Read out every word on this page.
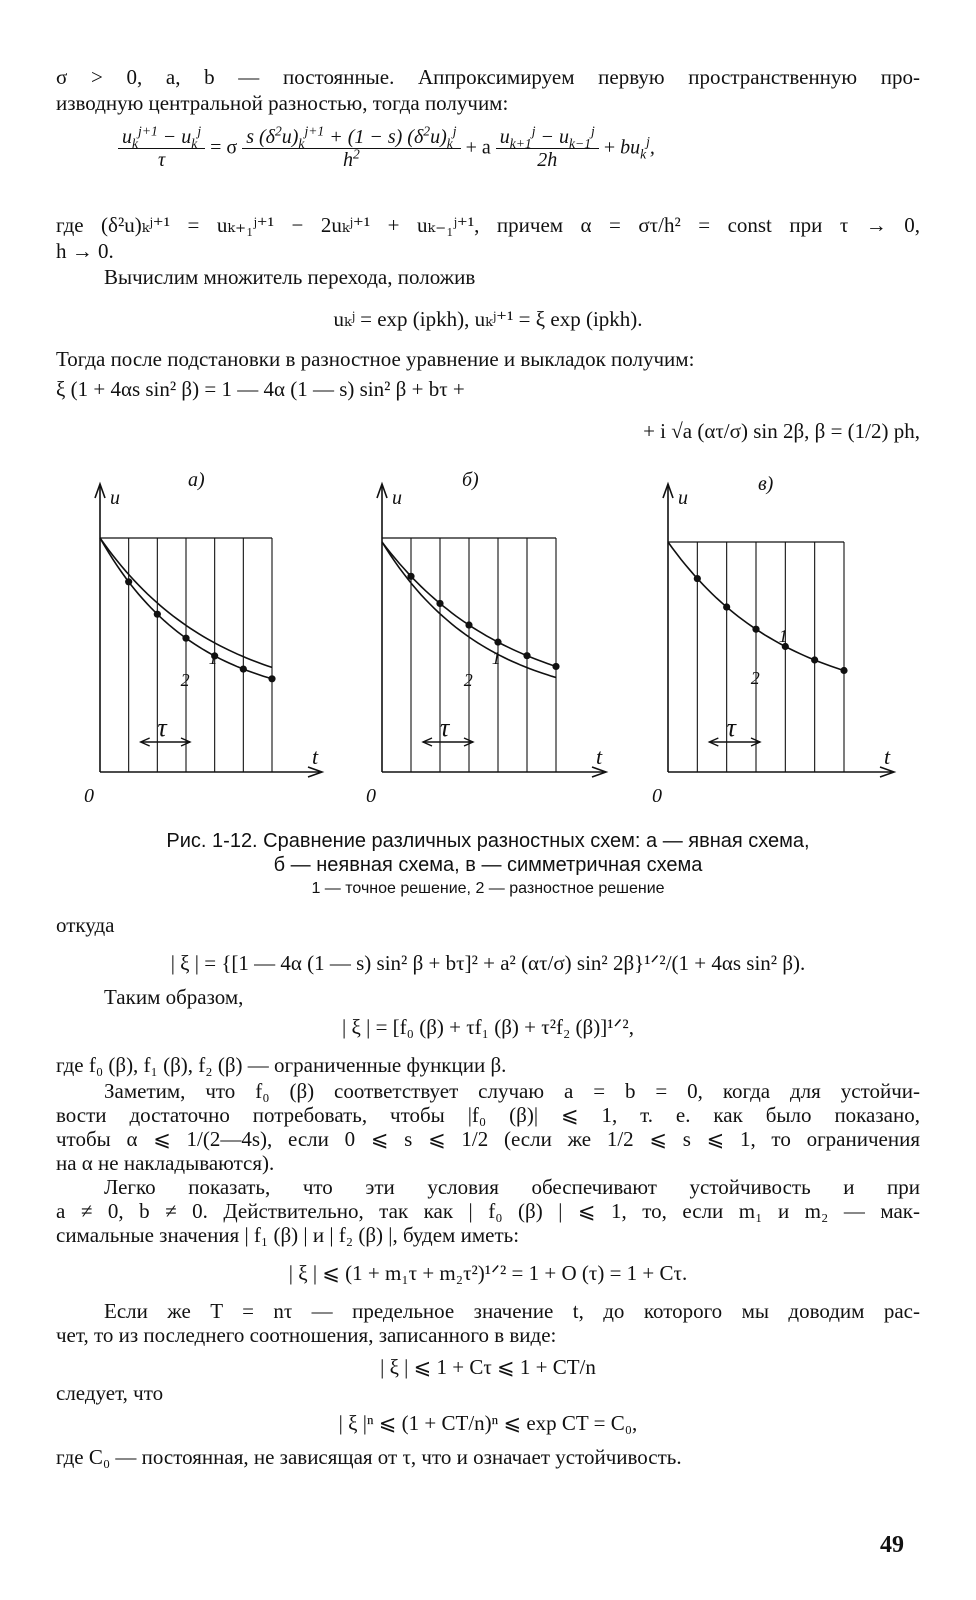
σ > 0, a, b — постоянные. Аппроксимируем первую пространственную про-
изводную центральной разностью, тогда получим:
$\frac{u_k^{j+1} - u_k^j}{\tau} = \sigma \frac{s (\delta^2u)_k^{j+1} + (1 - s) (\delta^2u)_k^j}{h^2} + a \frac{u_{k+1}^j - u_{k-1}^j}{2h} + bu_k^j$,
где (δ²u)ₖʲ⁺¹ = uₖ₊₁ʲ⁺¹ − 2uₖʲ⁺¹ + uₖ₋₁ʲ⁺¹, причем α = στ/h² = const при τ → 0,
h → 0.
Вычислим множитель перехода, положив
uₖʲ = exp (ipkh), uₖʲ⁺¹ = ξ exp (ipkh).
Тогда после подстановки в разностное уравнение и выкладок получим:
ξ (1 + 4αs sin² β) = 1 — 4α (1 — s) sin² β + bτ +
+ i √a (ατ/σ) sin 2β, β = (1/2) ph,
τ
а)
u
t
0
1
2
τ
б)
u
t
0
1
2
τ
в)
u
t
0
1
2
Рис. 1-12. Сравнение различных разностных схем: а — явная схема,
б — неявная схема, в — симметричная схема
1 — точное решение, 2 — разностное решение
откуда
| ξ | = {[1 — 4α (1 — s) sin² β + bτ]² + a² (ατ/σ) sin² 2β}¹ᐟ²/(1 + 4αs sin² β).
Таким образом,
| ξ | = [f₀ (β) + τf₁ (β) + τ²f₂ (β)]¹ᐟ²,
где f₀ (β), f₁ (β), f₂ (β) — ограниченные функции β.
Заметим, что f₀ (β) соответствует случаю a = b = 0, когда для устойчи-
вости достаточно потребовать, чтобы |f₀ (β)| ⩽ 1, т. е. как было показано,
чтобы α ⩽ 1/(2—4s), если 0 ⩽ s ⩽ 1/2 (если же 1/2 ⩽ s ⩽ 1, то ограничения
на α не накладываются).
Легко показать, что эти условия обеспечивают устойчивость и при
a ≠ 0, b ≠ 0. Действительно, так как | f₀ (β) | ⩽ 1, то, если m₁ и m₂ — мак-
симальные значения | f₁ (β) | и | f₂ (β) |, будем иметь:
| ξ | ⩽ (1 + m₁τ + m₂τ²)¹ᐟ² = 1 + O (τ) = 1 + Cτ.
Если же T = nτ — предельное значение t, до которого мы доводим рас-
чет, то из последнего соотношения, записанного в виде:
| ξ | ⩽ 1 + Cτ ⩽ 1 + CT/n
следует, что
| ξ |ⁿ ⩽ (1 + CT/n)ⁿ ⩽ exp CT = C₀,
где C₀ — постоянная, не зависящая от τ, что и означает устойчивость.
49
